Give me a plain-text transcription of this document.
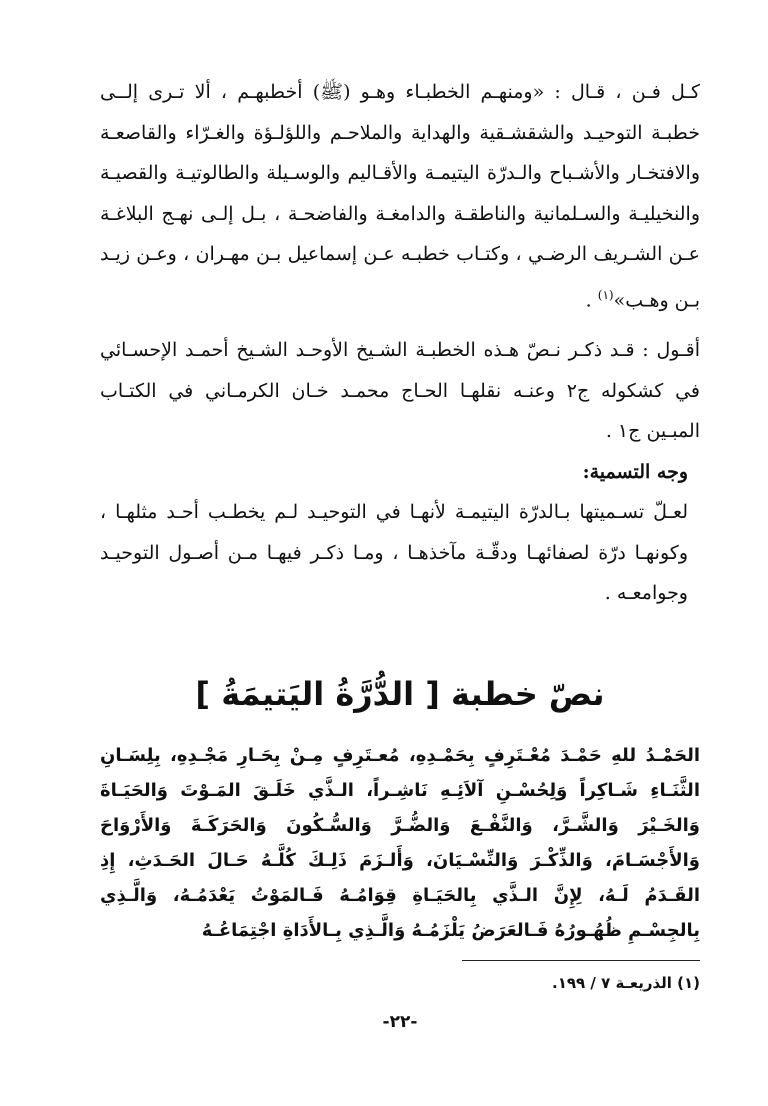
كـل فـن ، قـال : «ومنهـم الخطبـاء وهـو (ﷺ) أخطبهـم ، ألا تـرى إلــى خطبـة التوحيـد والشقشـقية والهداية والملاحـم واللؤلـؤة والغـرّاء والقاصعـة والافتخـار والأشـباح والـدرّة اليتيمـة والأقـاليم والوسـيلة والطالوتيـة والقصيـة والنخيليـة والسـلمانية والناطقـة والدامغـة والفاضحـة ، بـل إلـى نهـج البلاغـة عـن الشـريف الرضـي ، وكتـاب خطبـه عـن إسماعيل بـن مهـران ، وعـن زيـد بـن وهـب»$^{(١)}$ .

أقـول : قـد ذكـر نـصّ هـذه الخطبـة الشـيخ الأوحـد الشـيخ أحمـد الإحسـائي في كشكوله ج٢ وعنـه نقلهـا الحـاج محمـد خـان الكرمـاني في الكتـاب المبـين ج١ .

وجه التسمية:

لعـلّ تسـميتها بـالدرّة اليتيمـة لأنهـا في التوحيـد لـم يخطـب أحـد مثلهـا ، وكونهـا درّة لصفائهـا ودقّـة مآخذهـا ، ومـا ذكـر فيهـا مـن أصـول التوحيـد وجوامعـه .

نصّ خطبة [ الدُّرَّةُ اليَتيمَةُ ]

الحَمْـدُ للهِ حَمْـدَ مُعْـتَرِفٍ بِحَمْـدِهِ، مُعـتَرِفٍ مِـنْ بِحَـارِ مَجْـدِهِ، بِلِسَـانِ الثَّنَـاءِ شَـاكِراً وَلِحُسْـنِ آلاَئِـهِ نَاشِـراً، الـذَّي خَلَـقَ المَـوْتَ وَالحَيَـاةَ وَالخَـيْرَ وَالشَّـرَّ، وَالنَّفْـعَ وَالضُّـرَّ وَالسُّـكُونَ وَالحَرَكَـةَ وَالأَرْوَاحَ وَالأَجْسَـامَ، وَالذِّكْـرَ وَالنِّسْـيَانَ، وَأَلـزَمَ ذَلِـكَ كُلَّـهُ حَـالَ الحَـدَثِ، إِذِ القَـدَمُ لَـهُ، لِإِنَّ الـذَّي بِالحَيَـاةِ قِوَامُـهُ فَـالمَوْتُ يَعْدَمُـهُ، وَالَّـذِي بِالجِسْـمِ ظُهُـورُهُ فَـالعَرَضُ يَلْزَمُـهُ وَالَّـذِي بِـالأَدَاةِ اجْتِمَاعُـهُ

(١) الذريعـة ٧ / ١٩٩.
-٢٢-
